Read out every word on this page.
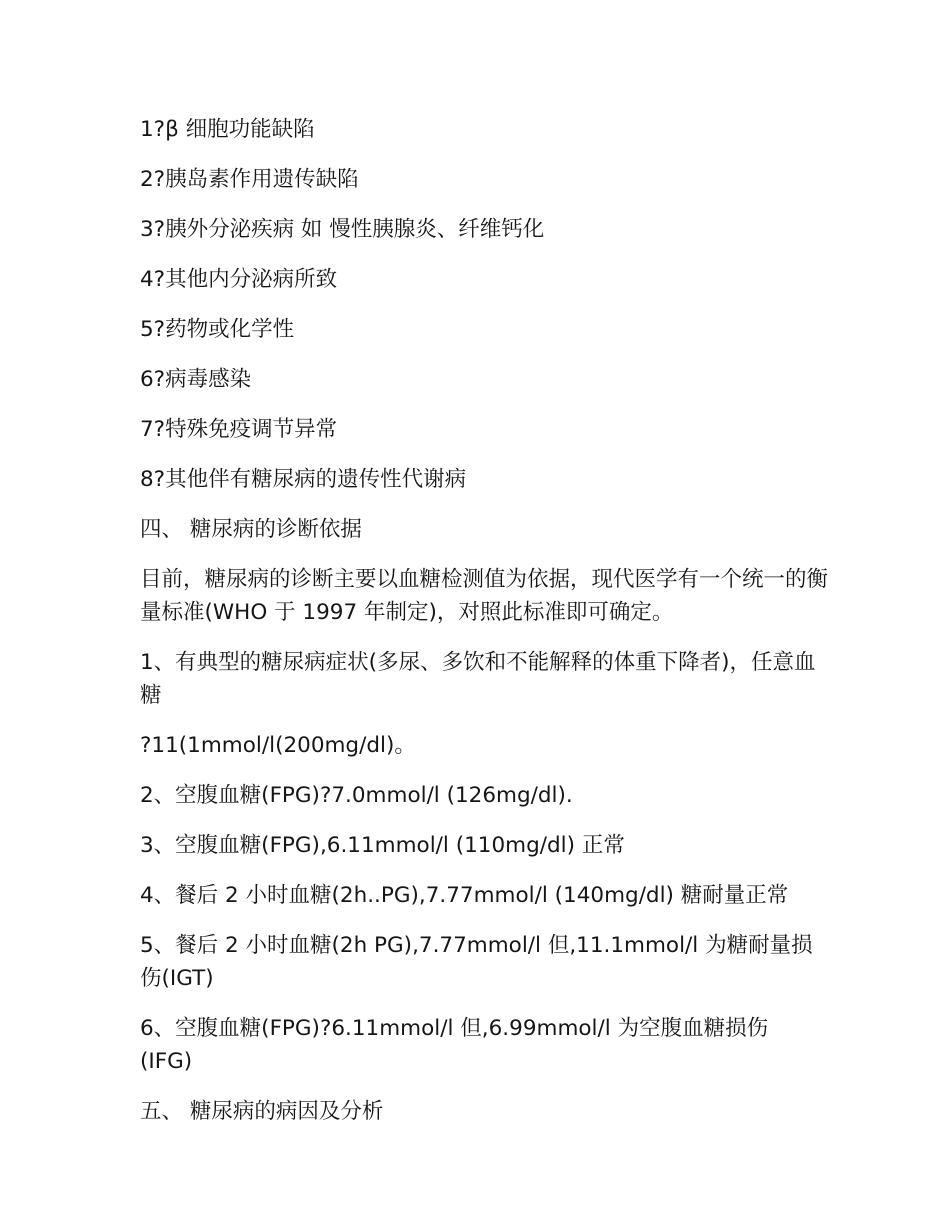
1?β 细胞功能缺陷

2?胰岛素作用遗传缺陷

3?胰外分泌疾病 如 慢性胰腺炎、纤维钙化

4?其他内分泌病所致

5?药物或化学性

6?病毒感染

7?特殊免疫调节异常

8?其他伴有糖尿病的遗传性代谢病

四、 糖尿病的诊断依据

目前，糖尿病的诊断主要以血糖检测值为依据，现代医学有一个统一的衡
量标准(WHO 于 1997 年制定)，对照此标准即可确定。

1、有典型的糖尿病症状(多尿、多饮和不能解释的体重下降者)，任意血
糖

?11(1mmol/l(200mg/dl)。

2、空腹血糖(FPG)?7.0mmol/l (126mg/dl).

3、空腹血糖(FPG),6.11mmol/l (110mg/dl) 正常

4、餐后 2 小时血糖(2h..PG),7.77mmol/l (140mg/dl) 糖耐量正常

5、餐后 2 小时血糖(2h PG),7.77mmol/l 但,11.1mmol/l 为糖耐量损
伤(IGT)

6、空腹血糖(FPG)?6.11mmol/l 但,6.99mmol/l 为空腹血糖损伤
(IFG)

五、 糖尿病的病因及分析
